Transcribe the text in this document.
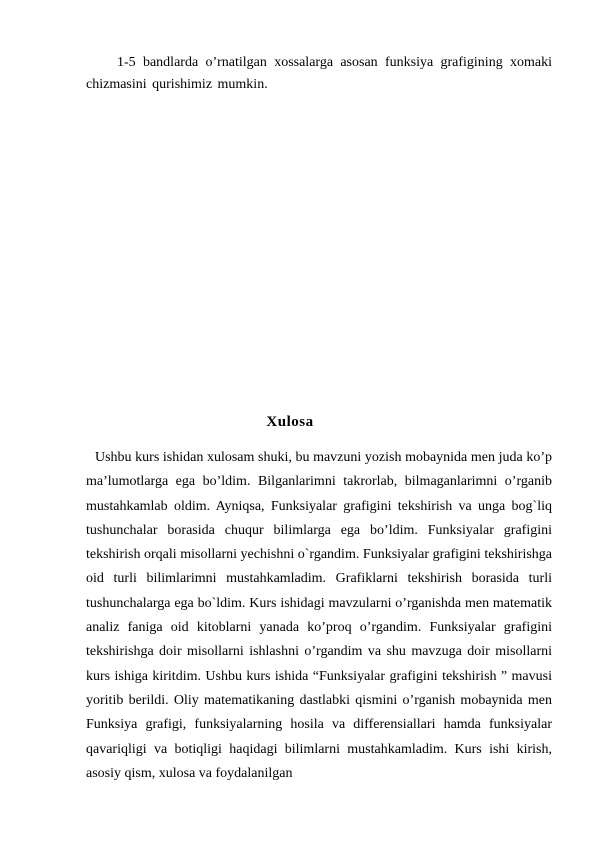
1-5 bandlarda o’rnatilgan xossalarga asosan funksiya grafigining xomaki chizmasini qurishimiz mumkin.

Xulosa

Ushbu kurs ishidan xulosam shuki, bu mavzuni yozish mobaynida men juda ko’p ma’lumotlarga ega bo’ldim. Bilganlarimni takrorlab, bilmaganlarimni o’rganib mustahkamlab oldim. Ayniqsa, Funksiyalar grafigini tekshirish va unga bog`liq tushunchalar borasida chuqur bilimlarga ega bo’ldim. Funksiyalar grafigini tekshirish orqali misollarni yechishni o`rgandim. Funksiyalar grafigini tekshirishga oid turli bilimlarimni mustahkamladim. Grafiklarni tekshirish borasida turli tushunchalarga ega bo`ldim. Kurs ishidagi mavzularni o’rganishda men matematik analiz faniga oid kitoblarni yanada ko’proq o’rgandim. Funksiyalar grafigini tekshirishga doir misollarni ishlashni o’rgandim va shu mavzuga doir misollarni kurs ishiga kiritdim. Ushbu kurs ishida “Funksiyalar grafigini tekshirish ” mavusi yoritib berildi. Oliy matematikaning dastlabki qismini o’rganish mobaynida men Funksiya grafigi, funksiyalarning hosila va differensiallari hamda funksiyalar qavariqligi va botiqligi haqidagi bilimlarni mustahkamladim. Kurs ishi kirish, asosiy qism, xulosa va foydalanilgan
